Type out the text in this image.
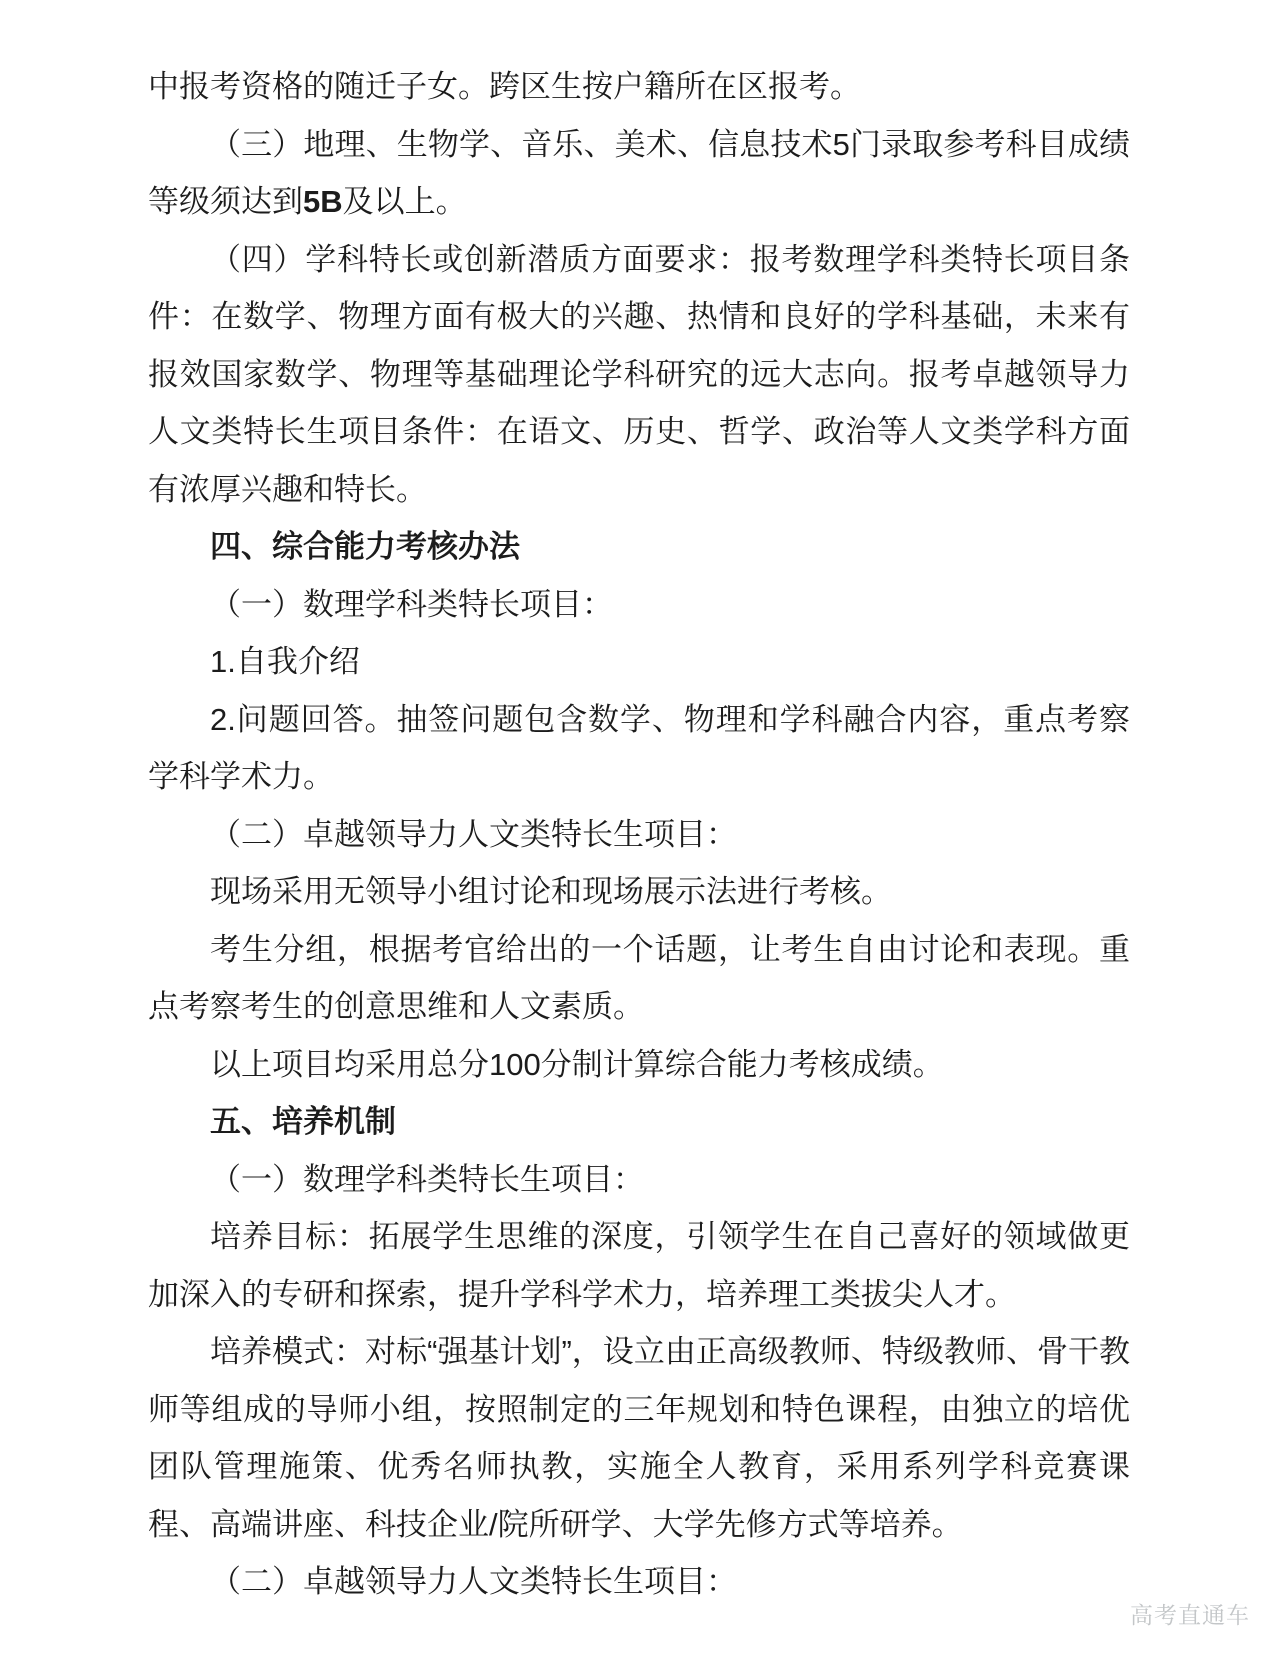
中报考资格的随迁子女。跨区生按户籍所在区报考。

（三）地理、生物学、音乐、美术、信息技术5门录取参考科目成绩等级须达到5B及以上。

（四）学科特长或创新潜质方面要求：报考数理学科类特长项目条件：在数学、物理方面有极大的兴趣、热情和良好的学科基础，未来有报效国家数学、物理等基础理论学科研究的远大志向。报考卓越领导力人文类特长生项目条件：在语文、历史、哲学、政治等人文类学科方面有浓厚兴趣和特长。

四、综合能力考核办法

（一）数理学科类特长项目：

1.自我介绍

2.问题回答。抽签问题包含数学、物理和学科融合内容，重点考察学科学术力。

（二）卓越领导力人文类特长生项目：

现场采用无领导小组讨论和现场展示法进行考核。

考生分组，根据考官给出的一个话题，让考生自由讨论和表现。重点考察考生的创意思维和人文素质。

以上项目均采用总分100分制计算综合能力考核成绩。

五、培养机制

（一）数理学科类特长生项目：

培养目标：拓展学生思维的深度，引领学生在自己喜好的领域做更加深入的专研和探索，提升学科学术力，培养理工类拔尖人才。

培养模式：对标“强基计划”，设立由正高级教师、特级教师、骨干教师等组成的导师小组，按照制定的三年规划和特色课程，由独立的培优团队管理施策、优秀名师执教，实施全人教育，采用系列学科竞赛课程、高端讲座、科技企业/院所研学、大学先修方式等培养。

（二）卓越领导力人文类特长生项目：

高考直通车
